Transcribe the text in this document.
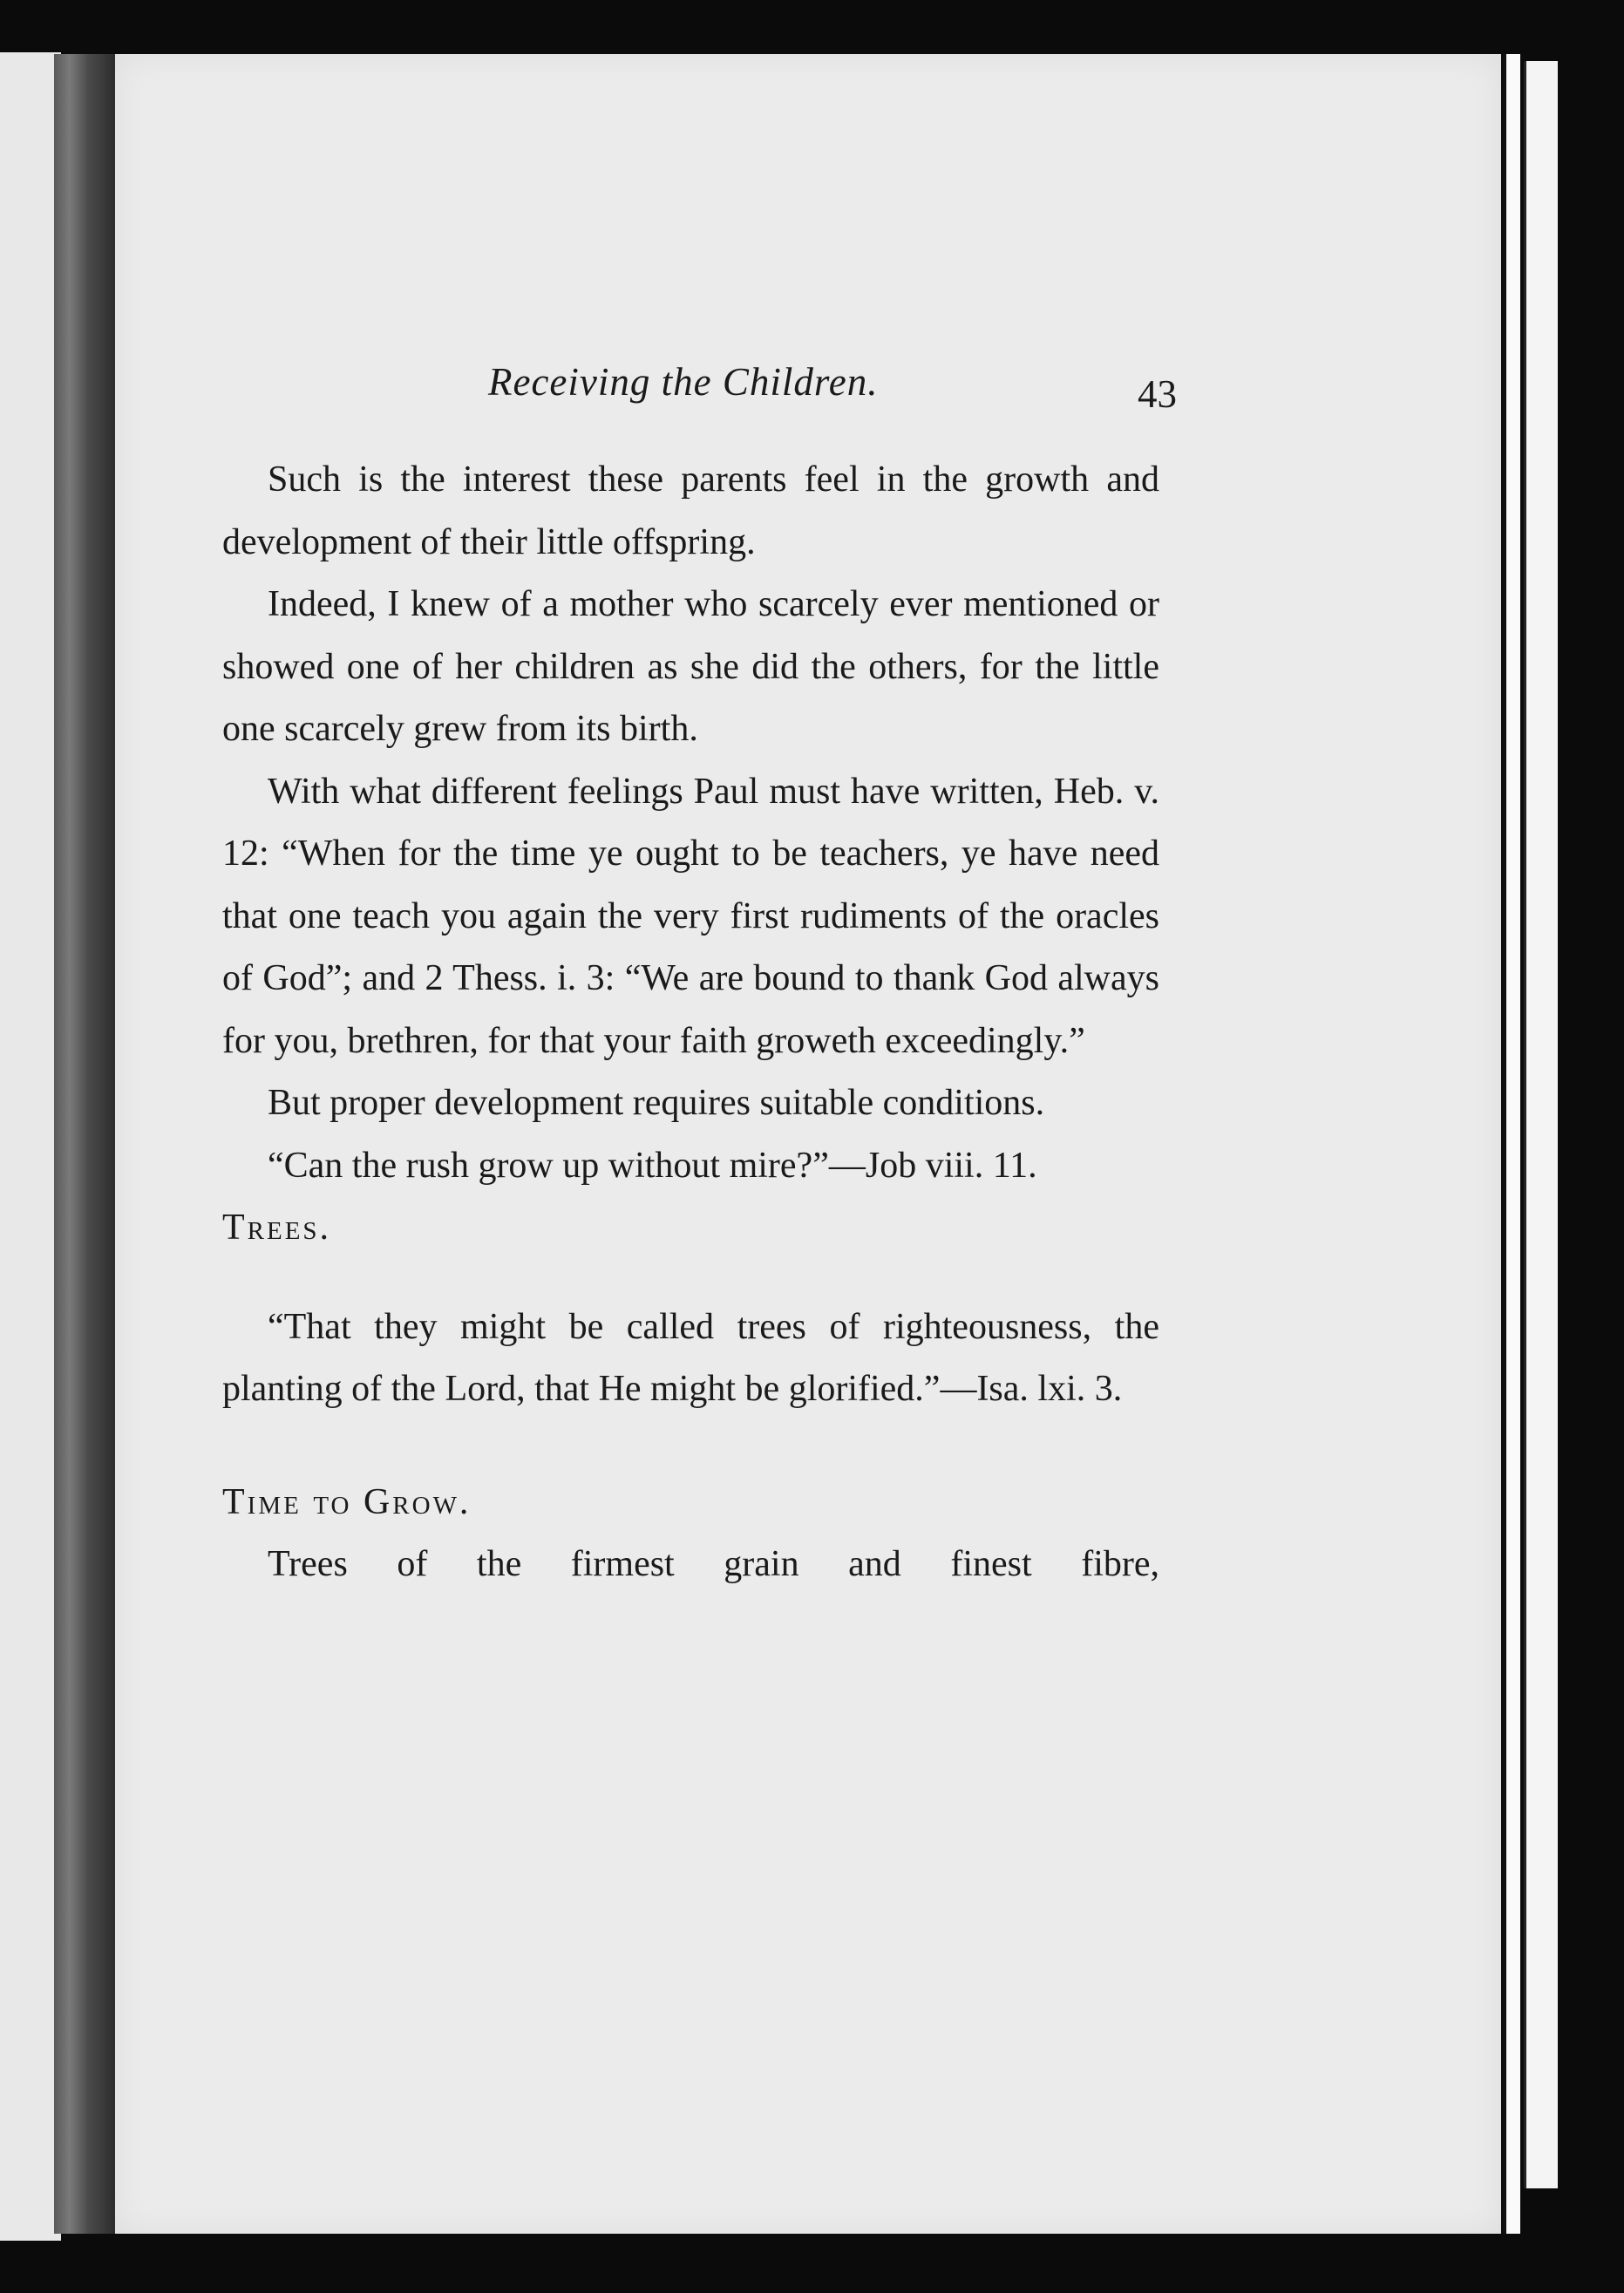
Receiving the Children.	43

Such is the interest these parents feel in the growth and development of their little offspring.

Indeed, I knew of a mother who scarcely ever mentioned or showed one of her children as she did the others, for the little one scarcely grew from its birth.

With what different feelings Paul must have written, Heb. v. 12: “When for the time ye ought to be teachers, ye have need that one teach you again the very first rudiments of the oracles of God”; and 2 Thess. i. 3: “We are bound to thank God always for you, brethren, for that your faith groweth exceedingly.”

But proper development requires suitable conditions.

“Can the rush grow up without mire?”—Job viii. 11.

Trees.

“That they might be called trees of righteousness, the planting of the Lord, that He might be glorified.”—Isa. lxi. 3.

Time to Grow.

Trees of the firmest grain and finest fibre,
